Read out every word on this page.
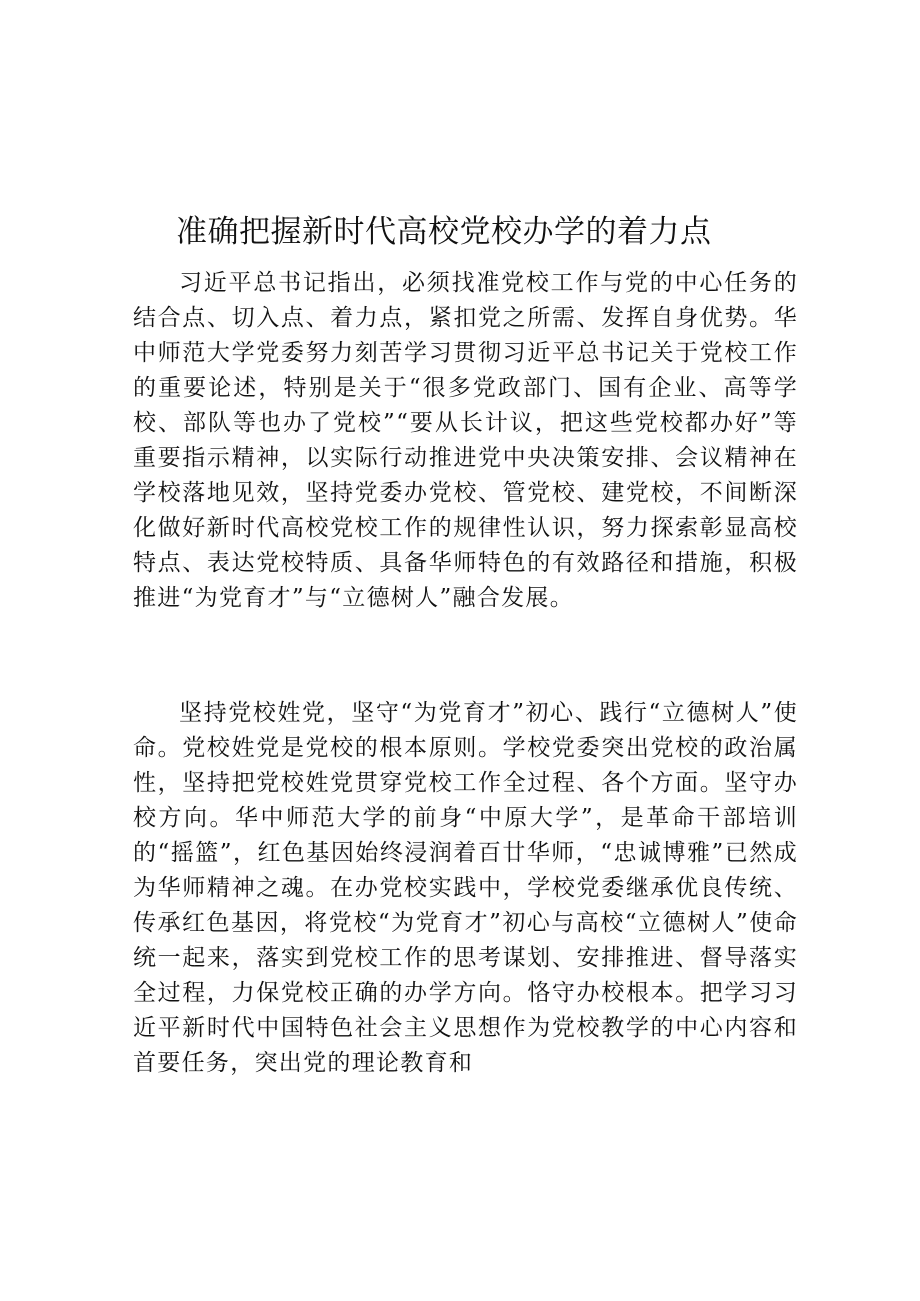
准确把握新时代高校党校办学的着力点

习近平总书记指出，必须找准党校工作与党的中心任务的结合点、切入点、着力点，紧扣党之所需、发挥自身优势。华中师范大学党委努力刻苦学习贯彻习近平总书记关于党校工作的重要论述，特别是关于“很多党政部门、国有企业、高等学校、部队等也办了党校”“要从长计议，把这些党校都办好”等重要指示精神，以实际行动推进党中央决策安排、会议精神在学校落地见效，坚持党委办党校、管党校、建党校，不间断深化做好新时代高校党校工作的规律性认识，努力探索彰显高校特点、表达党校特质、具备华师特色的有效路径和措施，积极推进“为党育才”与“立德树人”融合发展。

坚持党校姓党，坚守“为党育才”初心、践行“立德树人”使命。党校姓党是党校的根本原则。学校党委突出党校的政治属性，坚持把党校姓党贯穿党校工作全过程、各个方面。坚守办校方向。华中师范大学的前身“中原大学”，是革命干部培训的“摇篮”，红色基因始终浸润着百廿华师，“忠诚博雅”已然成为华师精神之魂。在办党校实践中，学校党委继承优良传统、传承红色基因，将党校“为党育才”初心与高校“立德树人”使命统一起来，落实到党校工作的思考谋划、安排推进、督导落实全过程，力保党校正确的办学方向。恪守办校根本。把学习习近平新时代中国特色社会主义思想作为党校教学的中心内容和首要任务，突出党的理论教育和
